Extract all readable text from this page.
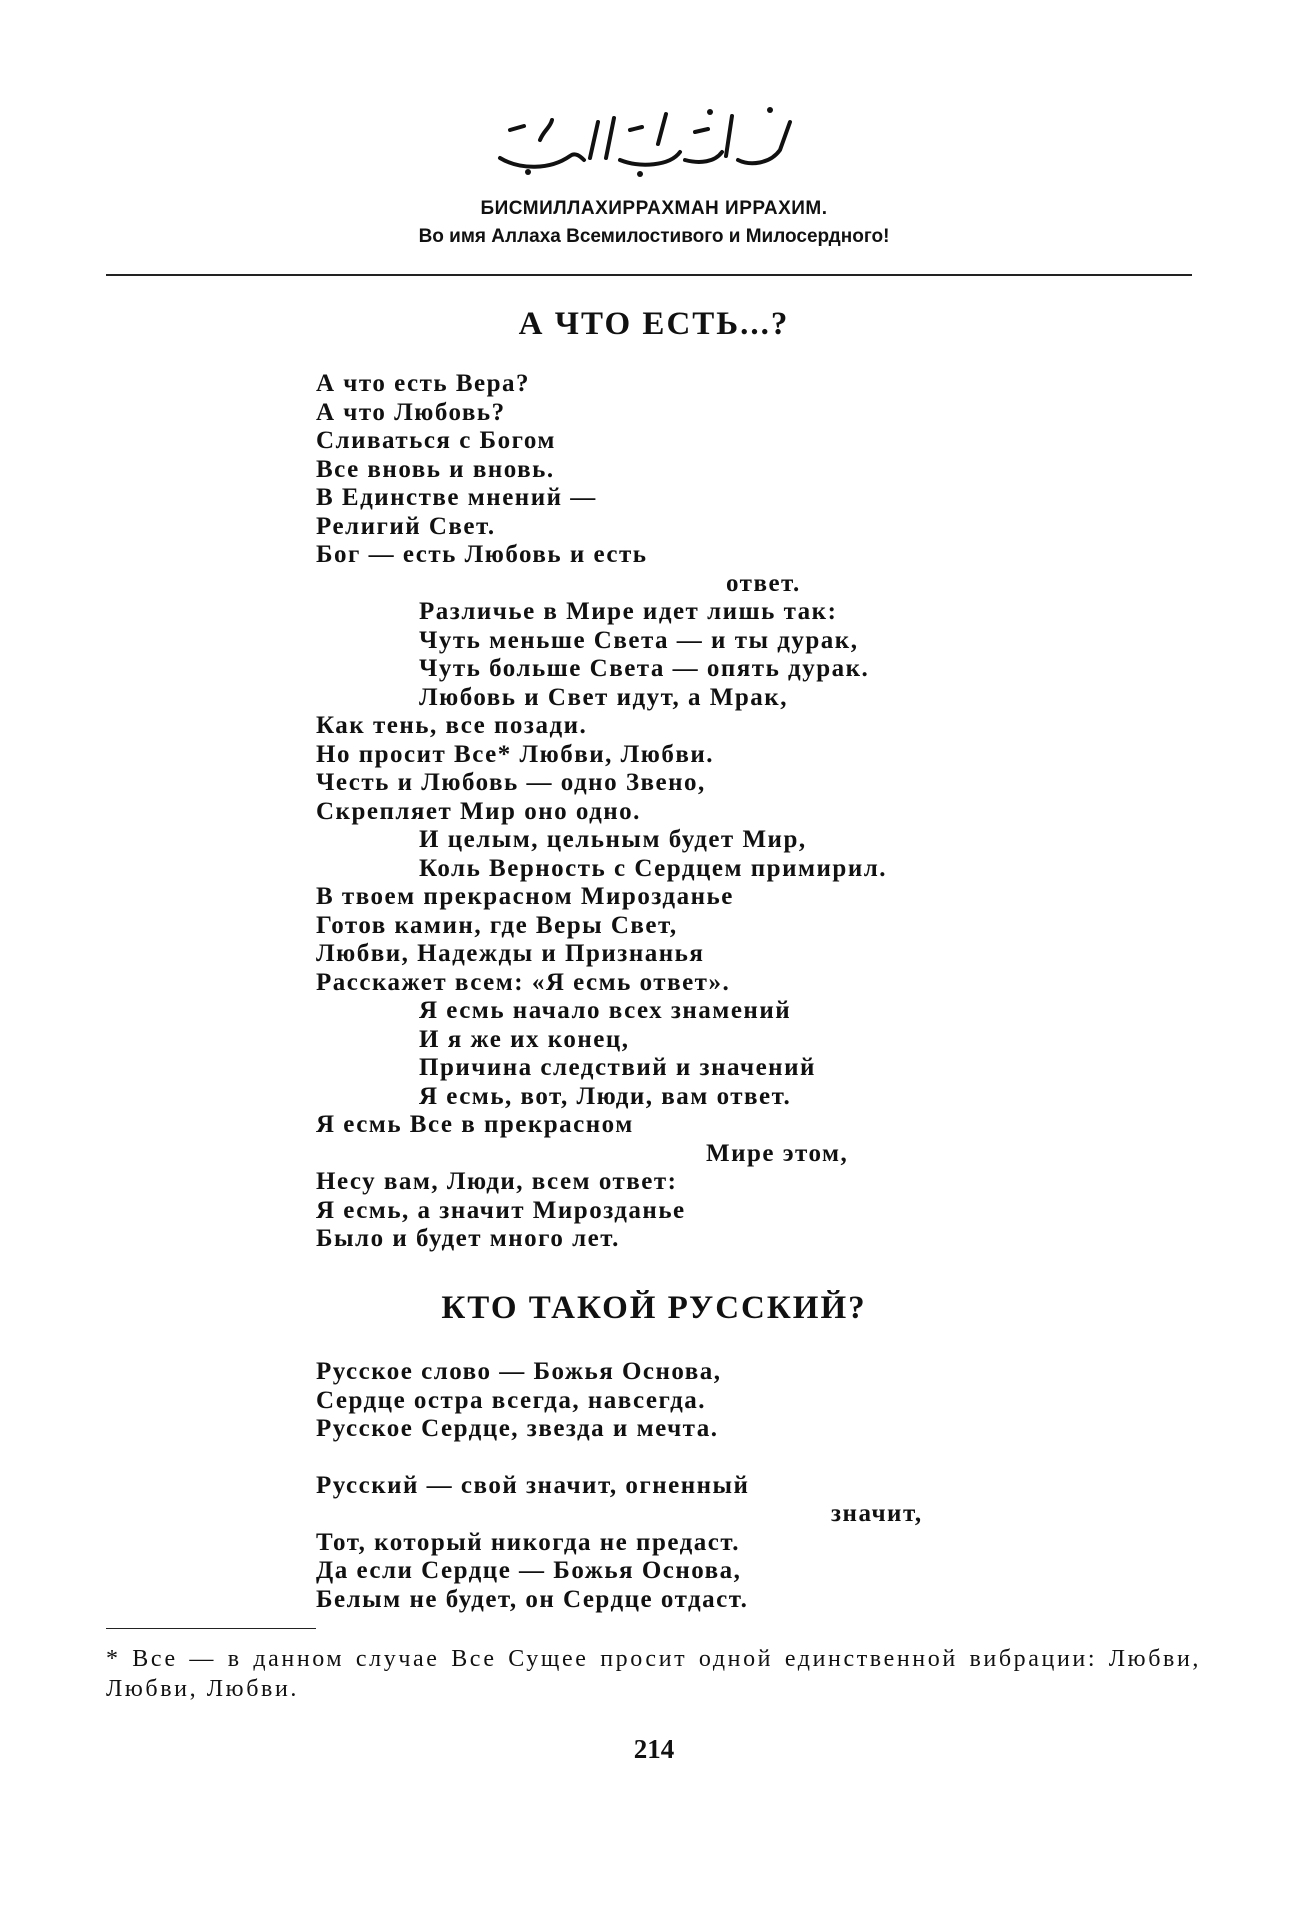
БИСМИЛЛАХИРРАХМАН ИРРАХИМ.
Во имя Аллаха Всемилостивого и Милосердного!
А ЧТО ЕСТЬ...?
А что есть Вера?
А что Любовь?
Сливаться с Богом
Все вновь и вновь.
В Единстве мнений —
Религий Свет.
Бог — есть Любовь и есть
ответ.
Различье в Мире идет лишь так:
Чуть меньше Света — и ты дурак,
Чуть больше Света — опять дурак.
Любовь и Свет идут, а Мрак,
Как тень, все позади.
Но просит Все* Любви, Любви.
Честь и Любовь — одно Звено,
Скрепляет Мир оно одно.
И целым, цельным будет Мир,
Коль Верность с Сердцем примирил.
В твоем прекрасном Мирозданье
Готов камин, где Веры Свет,
Любви, Надежды и Признанья
Расскажет всем: «Я есмь ответ».
Я есмь начало всех знамений
И я же их конец,
Причина следствий и значений
Я есмь, вот, Люди, вам ответ.
Я есмь Все в прекрасном
Мире этом,
Несу вам, Люди, всем ответ:
Я есмь, а значит Мирозданье
Было и будет много лет.
КТО ТАКОЙ РУССКИЙ?
Русское слово — Божья Основа,
Сердце остра всегда, навсегда.
Русское Сердце, звезда и мечта.
Русский — свой значит, огненный
значит,
Тот, который никогда не предаст.
Да если Сердце — Божья Основа,
Белым не будет, он Сердце отдаст.
* Все — в данном случае Все Сущее просит одной единственной вибрации: Любви, Любви, Любви.
214
